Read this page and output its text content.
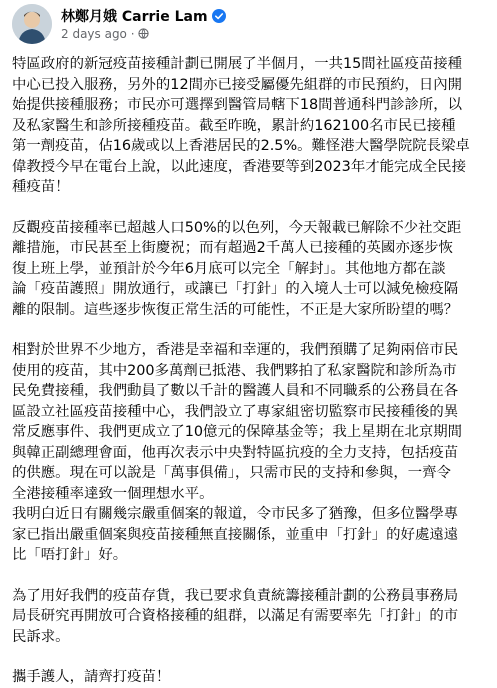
林鄭月娥 Carrie Lam
2 days ago ·
特區政府的新冠疫苗接種計劃已開展了半個月，一共15間社區疫苗接種
中心已投入服務，另外的12間亦已接受屬優先組群的市民預約，日內開
始提供接種服務；市民亦可選擇到醫管局轄下18間普通科門診診所，以
及私家醫生和診所接種疫苗。截至昨晚，累計約162100名市民已接種
第一劑疫苗，佔16歲或以上香港居民的2.5%。難怪港大醫學院院長梁卓
偉教授今早在電台上說，以此速度，香港要等到2023年才能完成全民接
種疫苗！
反觀疫苗接種率已超越人口50%的以色列，今天報載已解除不少社交距
離措施，市民甚至上街慶祝；而有超過2千萬人已接種的英國亦逐步恢
復上班上學，並預計於今年6月底可以完全「解封」。其他地方都在談
論「疫苗護照」開放通行，或讓已「打針」的入境人士可以減免檢疫隔
離的限制。這些逐步恢復正常生活的可能性，不正是大家所盼望的嗎？
相對於世界不少地方，香港是幸福和幸運的，我們預購了足夠兩倍市民
使用的疫苗，其中200多萬劑已抵港、我們夥拍了私家醫院和診所為市
民免費接種，我們動員了數以千計的醫護人員和不同職系的公務員在各
區設立社區疫苗接種中心，我們設立了專家組密切監察市民接種後的異
常反應事件、我們更成立了10億元的保障基金等；我上星期在北京期間
與韓正副總理會面，他再次表示中央對特區抗疫的全力支持，包括疫苗
的供應。現在可以說是「萬事俱備」，只需市民的支持和參與，一齊令
全港接種率達致一個理想水平。
我明白近日有關幾宗嚴重個案的報道，令市民多了猶豫，但多位醫學專
家已指出嚴重個案與疫苗接種無直接關係，並重申「打針」的好處遠遠
比「唔打針」好。
為了用好我們的疫苗存貨，我已要求負責統籌接種計劃的公務員事務局
局長研究再開放可合資格接種的組群，以滿足有需要率先「打針」的市
民訴求。
攜手護人，請齊打疫苗！
